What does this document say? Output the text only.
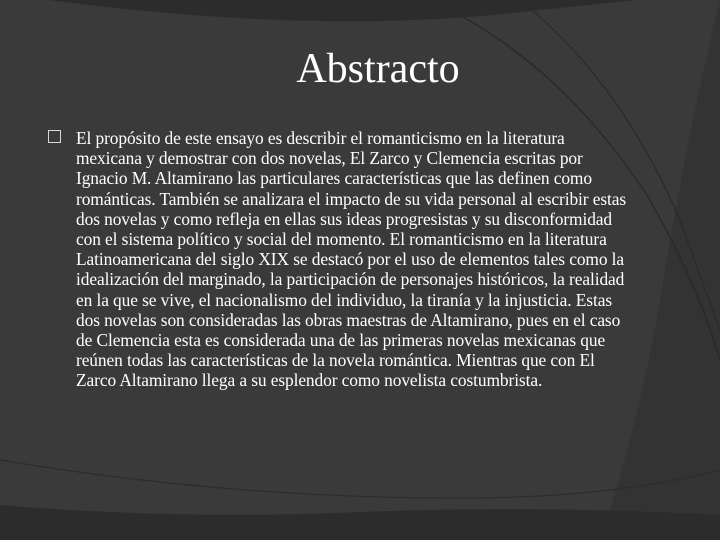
Abstracto

El propósito de este ensayo es describir el romanticismo en la literatura mexicana y demostrar con dos novelas, El Zarco y Clemencia escritas por Ignacio M. Altamirano las particulares características que las definen como románticas. También se analizara el impacto de su vida personal al escribir estas dos novelas y como refleja en ellas sus ideas progresistas y su disconformidad con el sistema político y social del momento. El romanticismo en la literatura Latinoamericana del siglo XIX se destacó por el uso de elementos tales como la idealización del marginado, la participación de personajes históricos, la realidad en la que se vive, el nacionalismo del individuo, la tiranía y la injusticia. Estas dos novelas son consideradas las obras maestras de Altamirano, pues en el caso de Clemencia esta es considerada una de las primeras novelas mexicanas que reúnen todas las características de la novela romántica. Mientras que con El Zarco Altamirano llega a su esplendor como novelista costumbrista.
